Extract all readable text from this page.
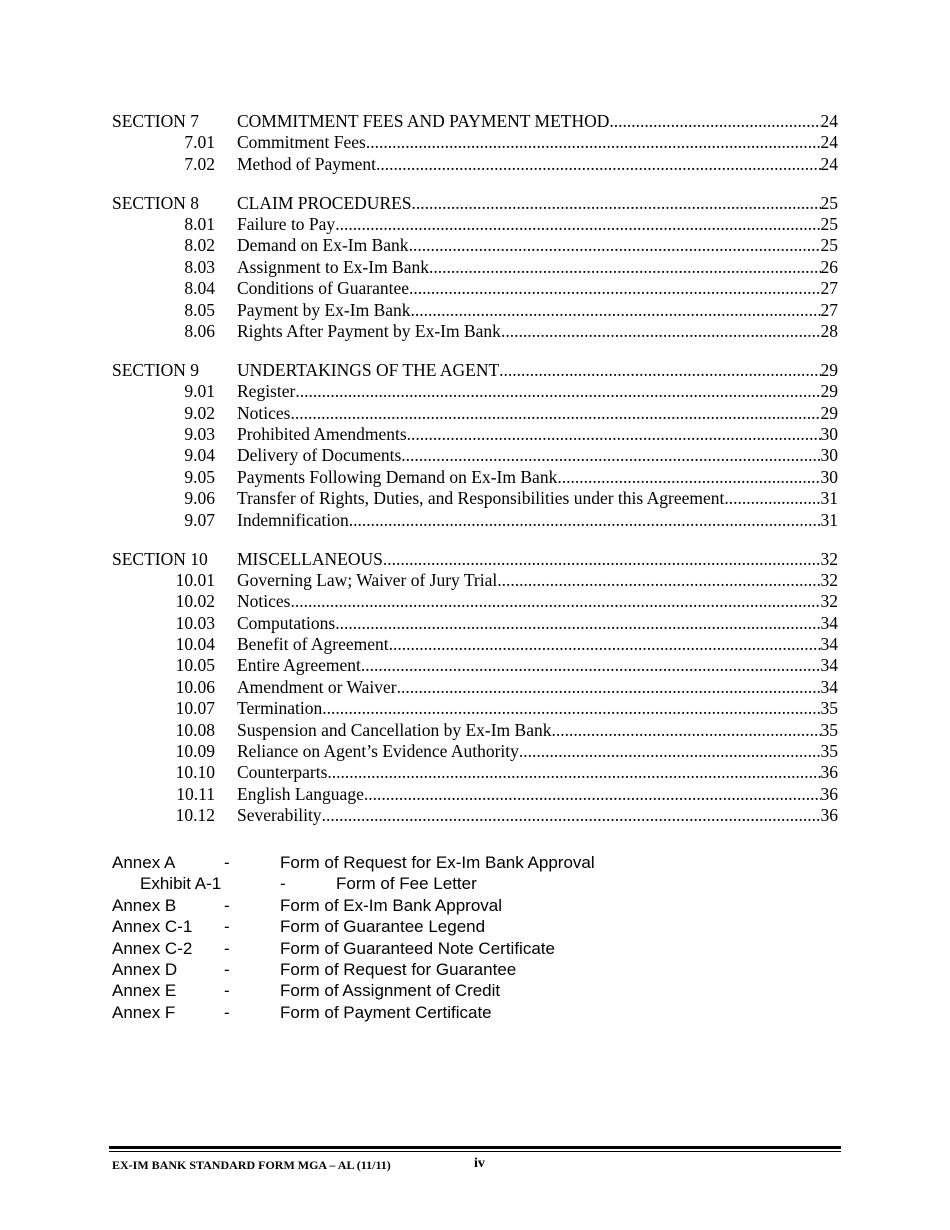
SECTION 7 COMMITMENT FEES AND PAYMENT METHOD .....	24
7.01 Commitment Fees .....	24
7.02 Method of Payment .....	24
SECTION 8 CLAIM PROCEDURES .....	25
8.01 Failure to Pay .....	25
8.02 Demand on Ex-Im Bank .....	25
8.03 Assignment to Ex-Im Bank .....	26
8.04 Conditions of Guarantee .....	27
8.05 Payment by Ex-Im Bank .....	27
8.06 Rights After Payment by Ex-Im Bank .....	28
SECTION 9 UNDERTAKINGS OF THE AGENT .....	29
9.01 Register .....	29
9.02 Notices .....	29
9.03 Prohibited Amendments .....	30
9.04 Delivery of Documents .....	30
9.05 Payments Following Demand on Ex-Im Bank .....	30
9.06 Transfer of Rights, Duties, and Responsibilities under this Agreement .....	31
9.07 Indemnification .....	31
SECTION 10 MISCELLANEOUS .....	32
10.01 Governing Law; Waiver of Jury Trial .....	32
10.02 Notices .....	32
10.03 Computations .....	34
10.04 Benefit of Agreement .....	34
10.05 Entire Agreement .....	34
10.06 Amendment or Waiver .....	34
10.07 Termination .....	35
10.08 Suspension and Cancellation by Ex-Im Bank .....	35
10.09 Reliance on Agent’s Evidence Authority .....	35
10.10 Counterparts .....	36
10.11 English Language .....	36
10.12 Severability .....	36
Annex A	-	Form of Request for Ex-Im Bank Approval
Exhibit A-1	-	Form of Fee Letter
Annex B	-	Form of Ex-Im Bank Approval
Annex C-1 -	Form of Guarantee Legend
Annex C-2 -	Form of Guaranteed Note Certificate
Annex D	-	Form of Request for Guarantee
Annex E	-	Form of Assignment of Credit
Annex F	-	Form of Payment Certificate
EX-IM BANK STANDARD FORM MGA – AL (11/11)	iv
